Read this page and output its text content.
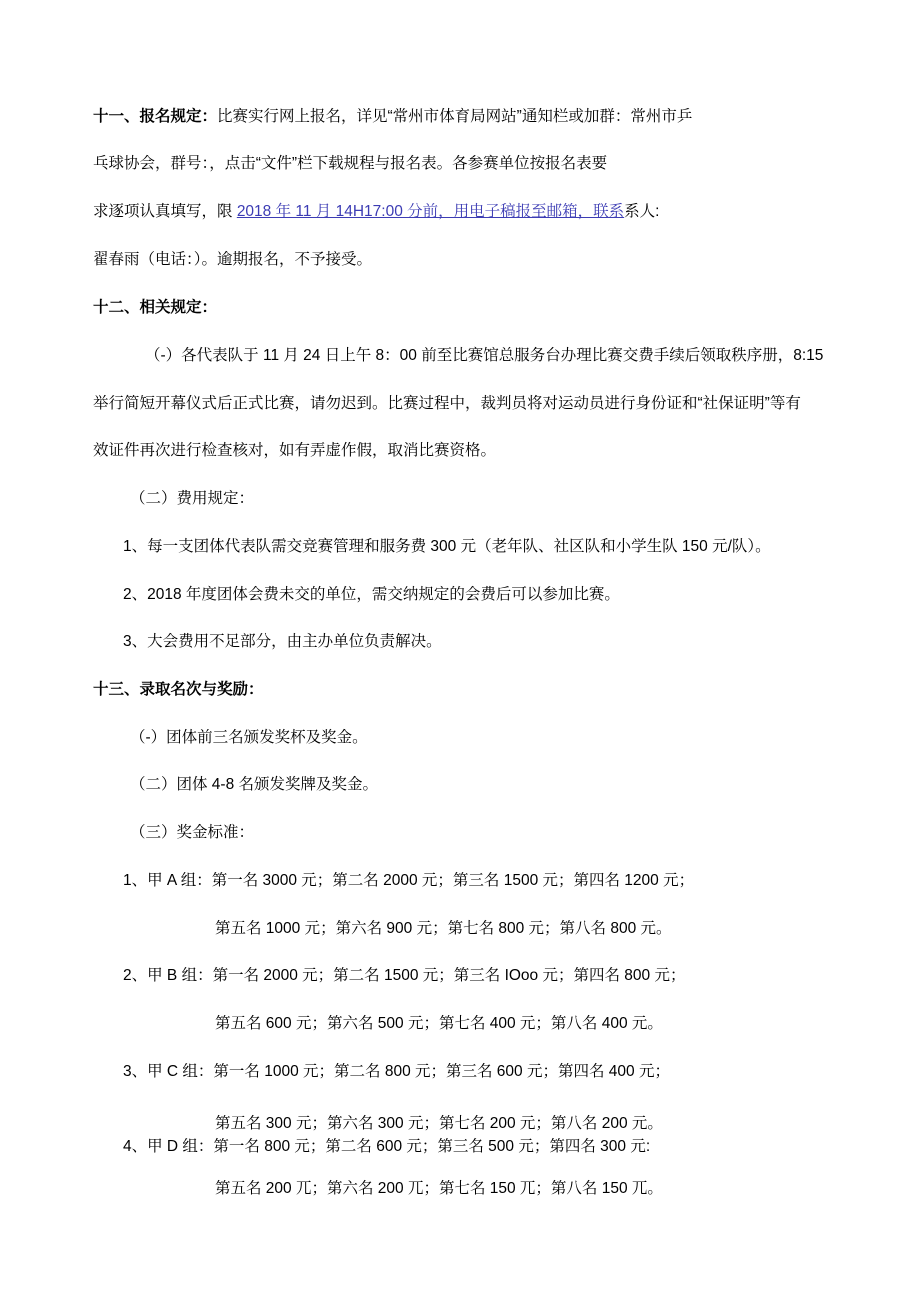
十一、报名规定：比赛实行网上报名，详见“常州市体育局网站”通知栏或加群：常州市乒
乓球协会，群号：，点击“文件”栏下载规程与报名表。各参赛单位按报名表要
求逐项认真填写，限 2018 年 11 月 14H17:00 分前，用电子稿报至邮箱，联系系人:
翟春雨（电话：）。逾期报名，不予接受。
十二、相关规定：
（-）各代表队于 11 月 24 日上午 8：00 前至比赛馆总服务台办理比赛交费手续后领取秩序册，8:15
举行简短开幕仪式后正式比赛，请勿迟到。比赛过程中，裁判员将对运动员进行身份证和“社保证明”等有
效证件再次进行检查核对，如有弄虚作假，取消比赛资格。
（二）费用规定：
1、每一支团体代表队需交竞赛管理和服务费 300 元（老年队、社区队和小学生队 150 元/队）。
2、2018 年度团体会费未交的单位，需交纳规定的会费后可以参加比赛。
3、大会费用不足部分，由主办单位负责解决。
十三、录取名次与奖励：
（-）团体前三名颁发奖杯及奖金。
（二）团体 4-8 名颁发奖牌及奖金。
（三）奖金标准：
1、甲 A 组：第一名 3000 元；第二名 2000 元；第三名 1500 元；第四名 1200 元；
第五名 1000 元；第六名 900 元；第七名 800 元；第八名 800 元。
2、甲 B 组：第一名 2000 元；第二名 1500 元；第三名 IOoo 元；第四名 800 元；
第五名 600 元；第六名 500 元；第七名 400 元；第八名 400 元。
3、甲 C 组：第一名 1000 元；第二名 800 元；第三名 600 元；第四名 400 元；
第五名 300 元；第六名 300 元；第七名 200 元；第八名 200 元。
4、甲 D 组：第一名 800 元；第二名 600 元；第三名 500 元；第四名 300 元:
第五名 200 兀；第六名 200 兀；第七名 150 兀；第八名 150 兀。
